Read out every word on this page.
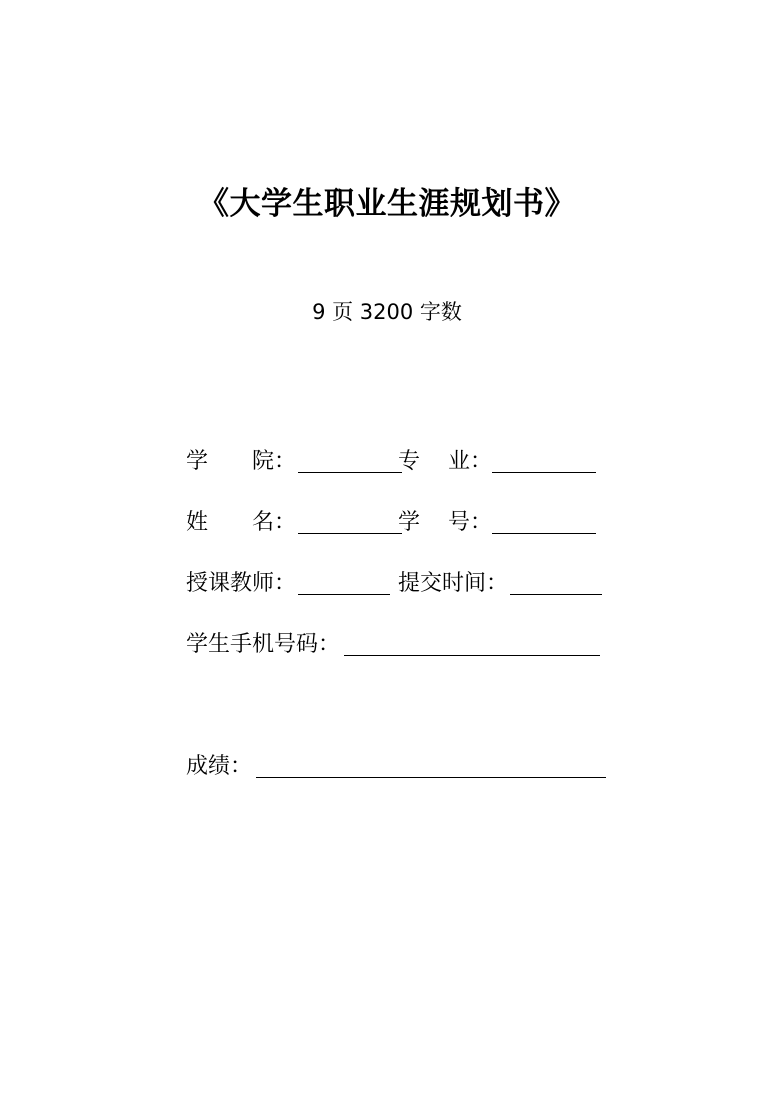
《大学生职业生涯规划书》
9 页 3200 字数
学 院 ：	专 业 ：
姓 名 ：	学 号 ：
授课教师：	提交时间：
学生手机号码：
成绩：
